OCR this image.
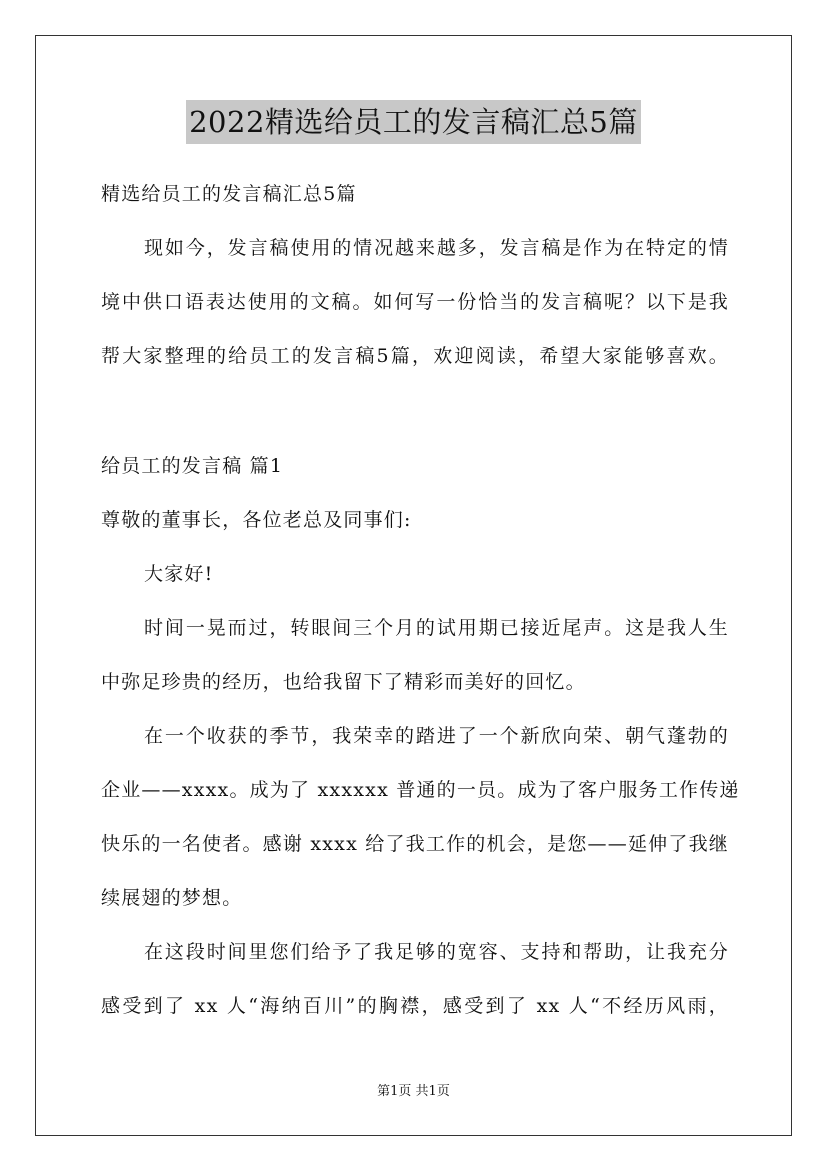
2022精选给员工的发言稿汇总5篇
精选给员工的发言稿汇总5篇
现如今，发言稿使用的情况越来越多，发言稿是作为在特定的情
境中供口语表达使用的文稿。如何写一份恰当的发言稿呢？以下是我
帮大家整理的给员工的发言稿5篇，欢迎阅读，希望大家能够喜欢。
给员工的发言稿 篇1
尊敬的董事长，各位老总及同事们:
大家好!
时间一晃而过，转眼间三个月的试用期已接近尾声。这是我人生
中弥足珍贵的经历，也给我留下了精彩而美好的回忆。
在一个收获的季节，我荣幸的踏进了一个新欣向荣、朝气蓬勃的
企业——xxxx。成为了 xxxxxx 普通的一员。成为了客户服务工作传递
快乐的一名使者。感谢 xxxx 给了我工作的机会，是您——延伸了我继
续展翅的梦想。
在这段时间里您们给予了我足够的宽容、支持和帮助，让我充分
感受到了 xx 人“海纳百川”的胸襟，感受到了 xx 人“不经历风雨，
第1页 共1页
